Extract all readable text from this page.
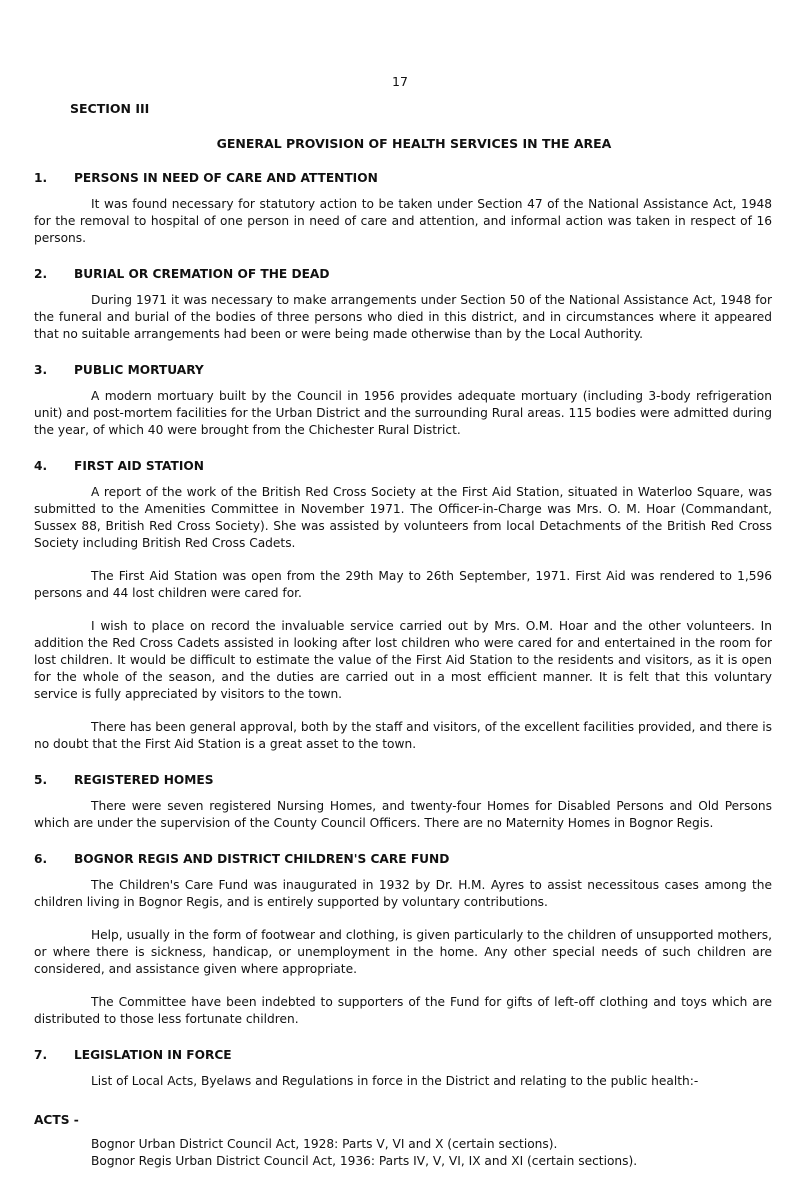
17
SECTION III
GENERAL PROVISION OF HEALTH SERVICES IN THE AREA

1. PERSONS IN NEED OF CARE AND ATTENTION

It was found necessary for statutory action to be taken under Section 47 of the National Assistance Act, 1948 for the removal to hospital of one person in need of care and attention, and informal action was taken in respect of 16 persons.

2. BURIAL OR CREMATION OF THE DEAD

During 1971 it was necessary to make arrangements under Section 50 of the National Assistance Act, 1948 for the funeral and burial of the bodies of three persons who died in this district, and in circumstances where it appeared that no suitable arrangements had been or were being made otherwise than by the Local Authority.

3. PUBLIC MORTUARY

A modern mortuary built by the Council in 1956 provides adequate mortuary (including 3-body refrigeration unit) and post-mortem facilities for the Urban District and the surrounding Rural areas. 115 bodies were admitted during the year, of which 40 were brought from the Chichester Rural District.

4. FIRST AID STATION

A report of the work of the British Red Cross Society at the First Aid Station, situated in Waterloo Square, was submitted to the Amenities Committee in November 1971. The Officer-in-Charge was Mrs. O. M. Hoar (Commandant, Sussex 88, British Red Cross Society). She was assisted by volunteers from local Detachments of the British Red Cross Society including British Red Cross Cadets.

The First Aid Station was open from the 29th May to 26th September, 1971. First Aid was rendered to 1,596 persons and 44 lost children were cared for.

I wish to place on record the invaluable service carried out by Mrs. O.M. Hoar and the other volunteers. In addition the Red Cross Cadets assisted in looking after lost children who were cared for and entertained in the room for lost children. It would be difficult to estimate the value of the First Aid Station to the residents and visitors, as it is open for the whole of the season, and the duties are carried out in a most efficient manner. It is felt that this voluntary service is fully appreciated by visitors to the town.

There has been general approval, both by the staff and visitors, of the excellent facilities provided, and there is no doubt that the First Aid Station is a great asset to the town.

5. REGISTERED HOMES

There were seven registered Nursing Homes, and twenty-four Homes for Disabled Persons and Old Persons which are under the supervision of the County Council Officers. There are no Maternity Homes in Bognor Regis.

6. BOGNOR REGIS AND DISTRICT CHILDREN'S CARE FUND

The Children's Care Fund was inaugurated in 1932 by Dr. H.M. Ayres to assist necessitous cases among the children living in Bognor Regis, and is entirely supported by voluntary contributions.

Help, usually in the form of footwear and clothing, is given particularly to the children of unsupported mothers, or where there is sickness, handicap, or unemployment in the home. Any other special needs of such children are considered, and assistance given where appropriate.

The Committee have been indebted to supporters of the Fund for gifts of left-off clothing and toys which are distributed to those less fortunate children.

7. LEGISLATION IN FORCE

List of Local Acts, Byelaws and Regulations in force in the District and relating to the public health:-

ACTS -

Bognor Urban District Council Act, 1928: Parts V, VI and X (certain sections).
Bognor Regis Urban District Council Act, 1936: Parts IV, V, VI, IX and XI (certain sections).
